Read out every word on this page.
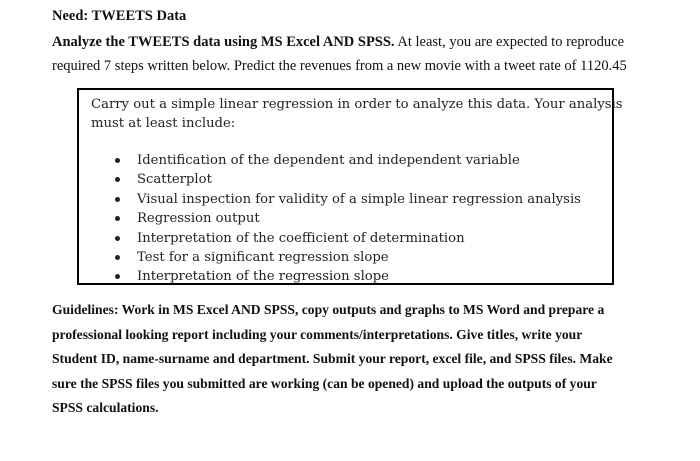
Need: TWEETS Data
Analyze the TWEETS data using MS Excel AND SPSS. At least, you are expected to reproduce
required 7 steps written below. Predict the revenues from a new movie with a tweet rate of 1120.45
Carry out a simple linear regression in order to analyze this data. Your analysis
must at least include:
Identification of the dependent and independent variable
Scatterplot
Visual inspection for validity of a simple linear regression analysis
Regression output
Interpretation of the coefficient of determination
Test for a significant regression slope
Interpretation of the regression slope
Guidelines: Work in MS Excel AND SPSS, copy outputs and graphs to MS Word and prepare a
professional looking report including your comments/interpretations. Give titles, write your
Student ID, name-surname and department. Submit your report, excel file, and SPSS files. Make
sure the SPSS files you submitted are working (can be opened) and upload the outputs of your
SPSS calculations.
